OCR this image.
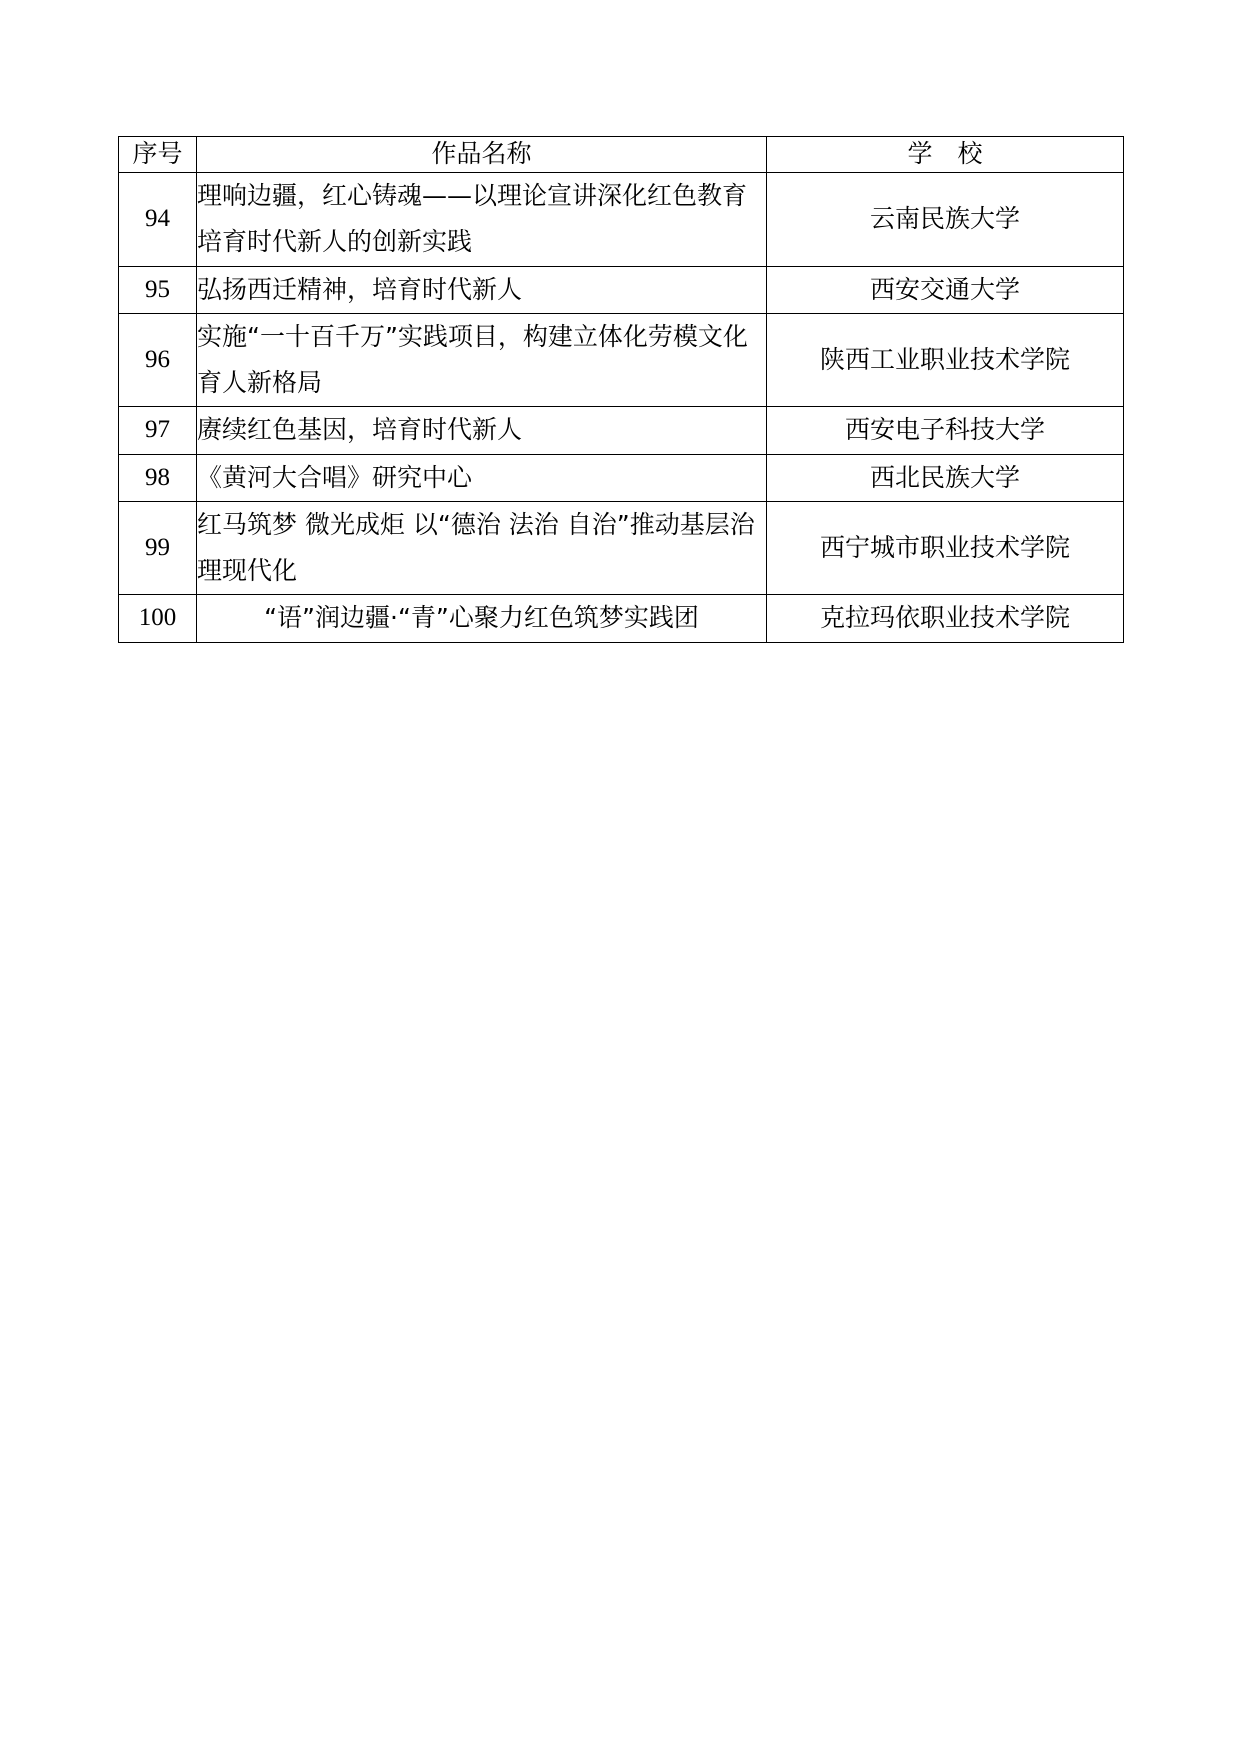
序号	作品名称	学　校
94	理响边疆，红心铸魂——以理论宣讲深化红色教育培育时代新人的创新实践	云南民族大学
95	弘扬西迁精神，培育时代新人	西安交通大学
96	实施“一十百千万”实践项目，构建立体化劳模文化育人新格局	陕西工业职业技术学院
97	赓续红色基因，培育时代新人	西安电子科技大学
98	《黄河大合唱》研究中心	西北民族大学
99	红马筑梦 微光成炬 以“德治 法治 自治”推动基层治理现代化	西宁城市职业技术学院
100	“语”润边疆·“青”心聚力红色筑梦实践团	克拉玛依职业技术学院
